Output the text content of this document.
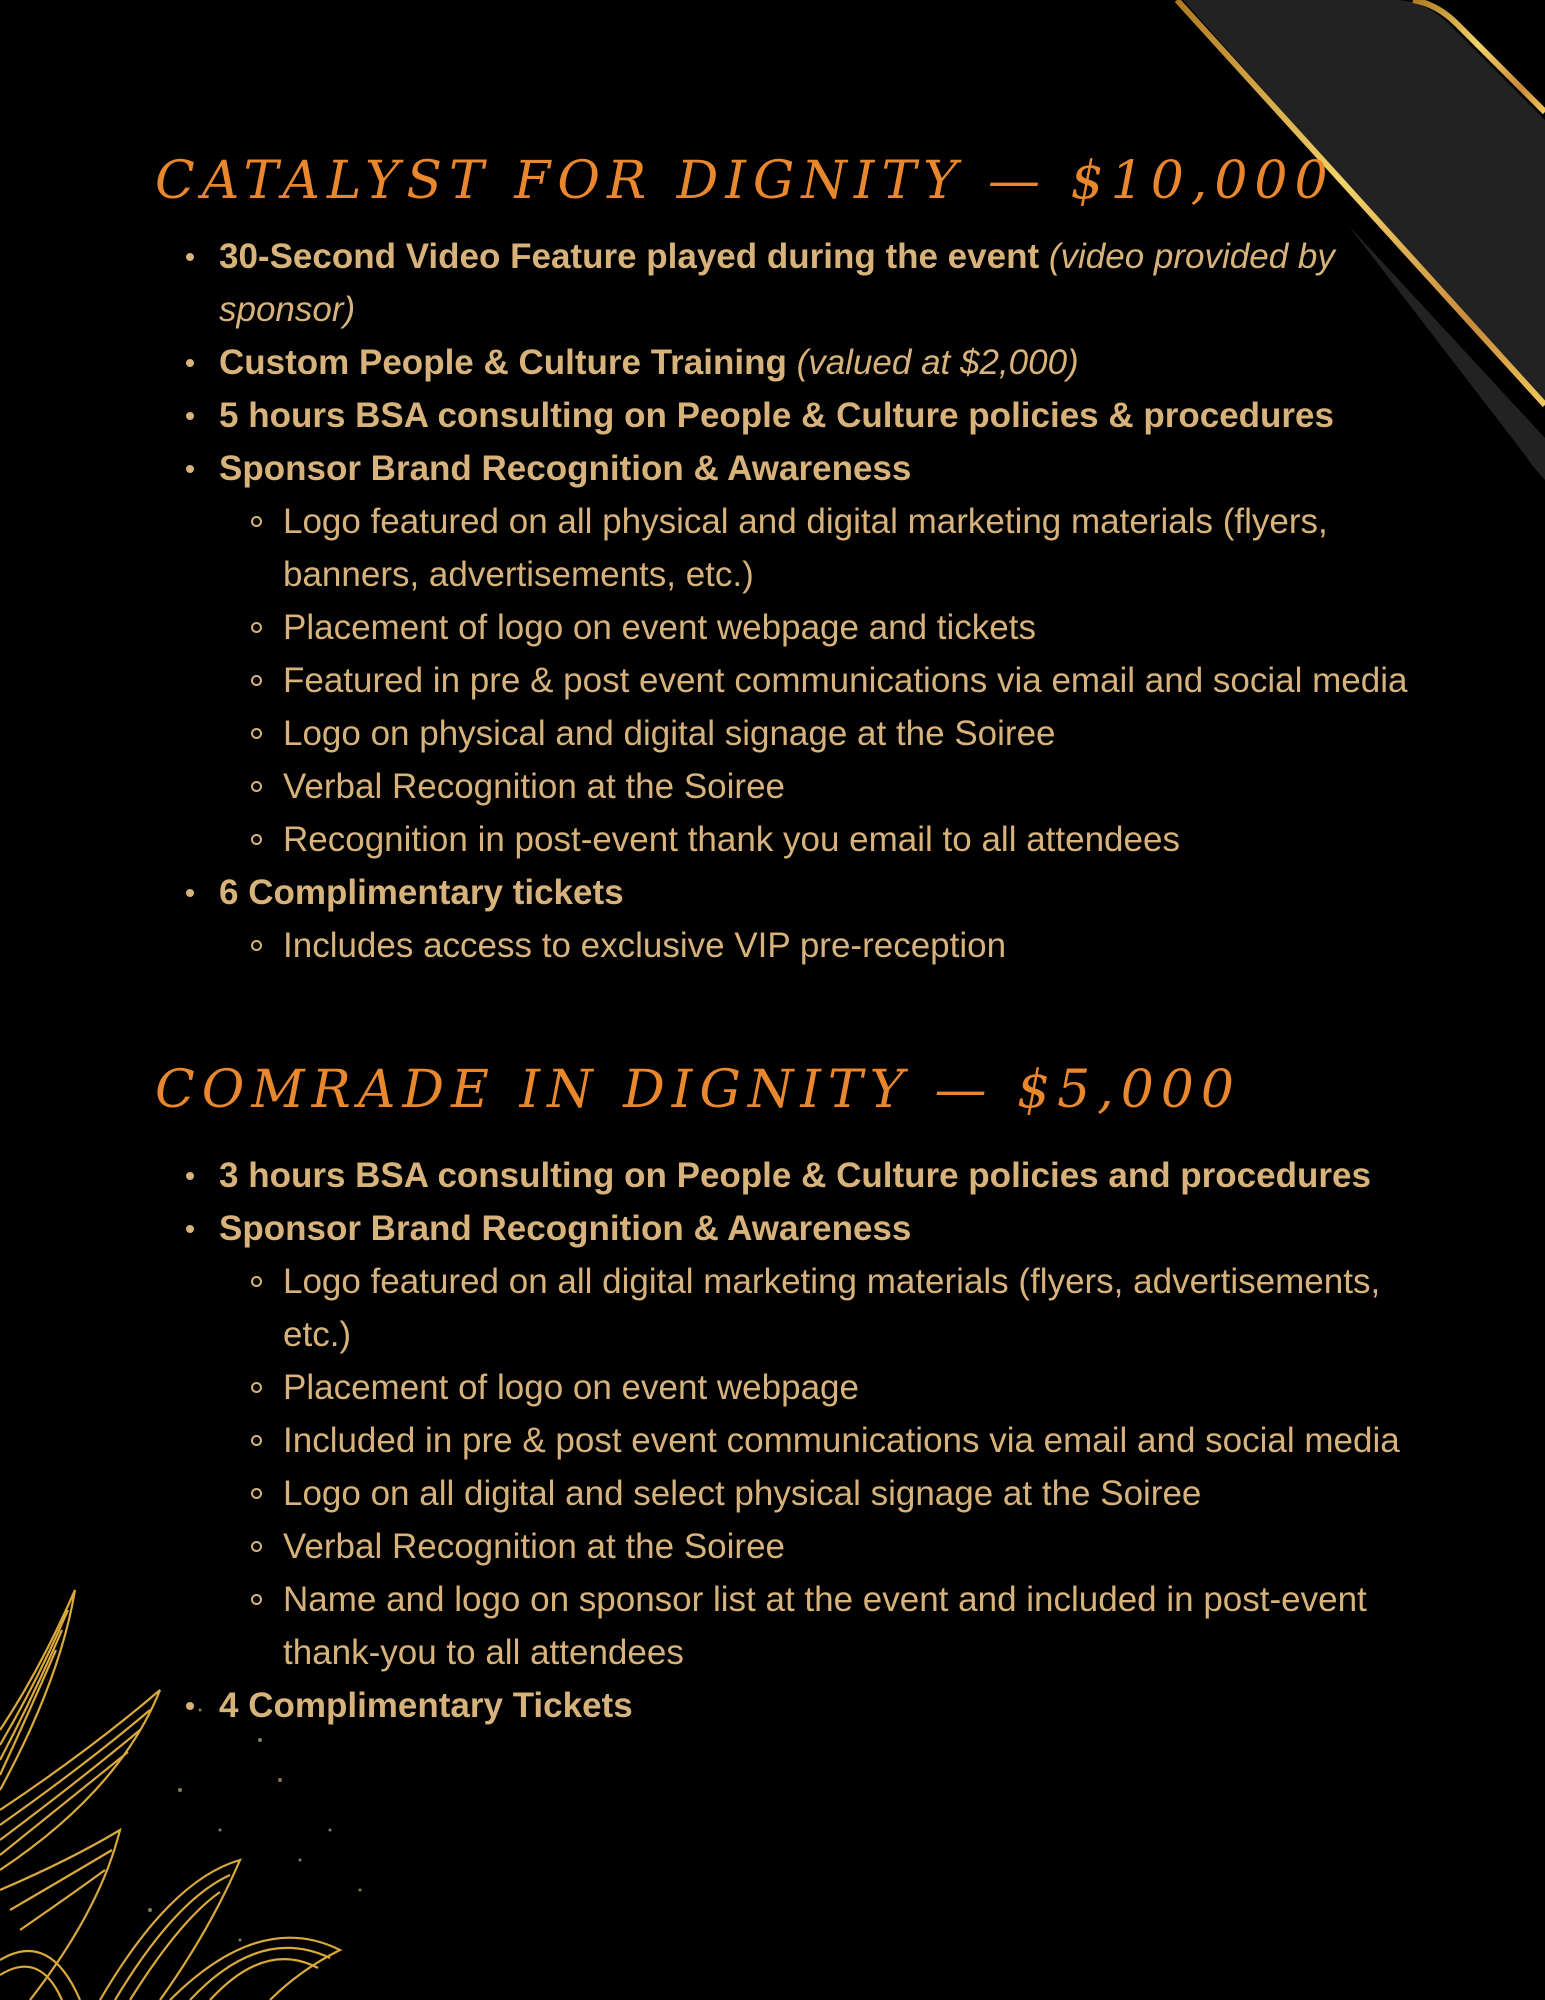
CATALYST FOR DIGNITY — $10,000
30-Second Video Feature played during the event (video provided by sponsor)
Custom People & Culture Training (valued at $2,000)
5 hours BSA consulting on People & Culture policies & procedures
Sponsor Brand Recognition & Awareness
Logo featured on all physical and digital marketing materials (flyers, banners, advertisements, etc.)
Placement of logo on event webpage and tickets
Featured in pre & post event communications via email and social media
Logo on physical and digital signage at the Soiree
Verbal Recognition at the Soiree
Recognition in post-event thank you email to all attendees
6 Complimentary tickets
Includes access to exclusive VIP pre-reception
COMRADE IN DIGNITY — $5,000
3 hours BSA consulting on People & Culture policies and procedures
Sponsor Brand Recognition & Awareness
Logo featured on all digital marketing materials (flyers, advertisements, etc.)
Placement of logo on event webpage
Included in pre & post event communications via email and social media
Logo on all digital and select physical signage at the Soiree
Verbal Recognition at the Soiree
Name and logo on sponsor list at the event and included in post-event thank-you to all attendees
4 Complimentary Tickets
